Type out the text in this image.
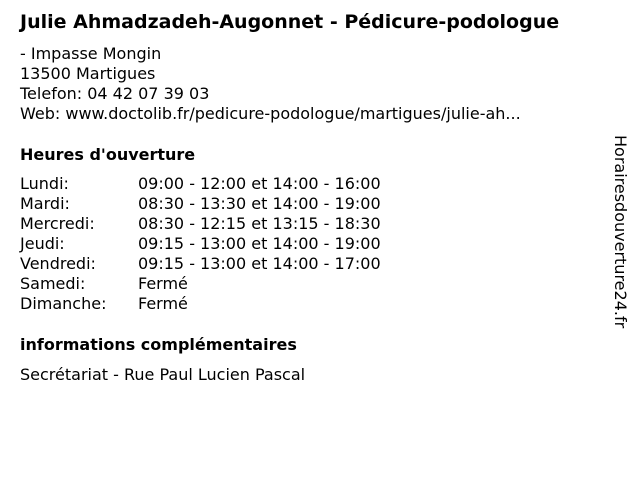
Julie Ahmadzadeh-Augonnet - Pédicure-podologue
- Impasse Mongin
13500 Martigues
Telefon: 04 42 07 39 03
Web: www.doctolib.fr/pedicure-podologue/martigues/julie-ah...
Heures d'ouverture
Lundi:	09:00 - 12:00 et 14:00 - 16:00
Mardi:	08:30 - 13:30 et 14:00 - 19:00
Mercredi:	08:30 - 12:15 et 13:15 - 18:30
Jeudi:	09:15 - 13:00 et 14:00 - 19:00
Vendredi:	09:15 - 13:00 et 14:00 - 17:00
Samedi:	Fermé
Dimanche: Fermé
informations complémentaires
Secrétariat - Rue Paul Lucien Pascal
Horairesdouverture24.fr
